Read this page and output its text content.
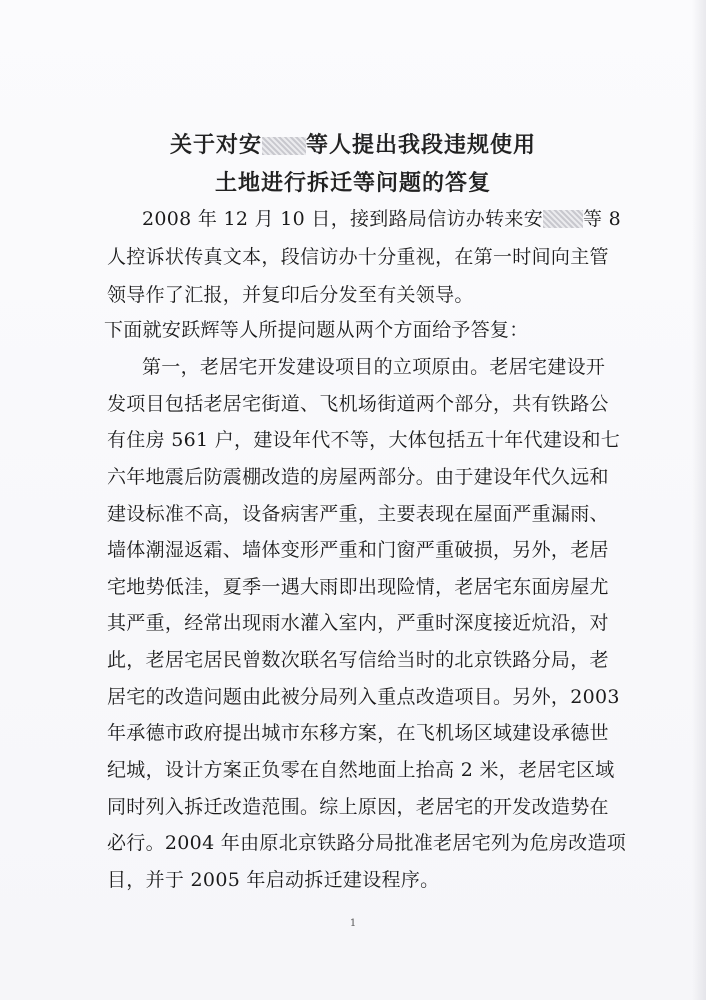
关于对安 等人提出我段违规使用
土地进行拆迁等问题的答复
2008 年 12 月 10 日，接到路局信访办转来安 等 8
人控诉状传真文本，段信访办十分重视，在第一时间向主管
领导作了汇报，并复印后分发至有关领导。
下面就安跃辉等人所提问题从两个方面给予答复：
第一，老居宅开发建设项目的立项原由。老居宅建设开
发项目包括老居宅街道、飞机场街道两个部分，共有铁路公
有住房 561 户，建设年代不等，大体包括五十年代建设和七
六年地震后防震棚改造的房屋两部分。由于建设年代久远和
建设标准不高，设备病害严重，主要表现在屋面严重漏雨、
墙体潮湿返霜、墙体变形严重和门窗严重破损，另外，老居
宅地势低洼，夏季一遇大雨即出现险情，老居宅东面房屋尤
其严重，经常出现雨水灌入室内，严重时深度接近炕沿，对
此，老居宅居民曾数次联名写信给当时的北京铁路分局，老
居宅的改造问题由此被分局列入重点改造项目。另外，2003
年承德市政府提出城市东移方案，在飞机场区域建设承德世
纪城，设计方案正负零在自然地面上抬高 2 米，老居宅区域
同时列入拆迁改造范围。综上原因，老居宅的开发改造势在
必行。2004 年由原北京铁路分局批准老居宅列为危房改造项
目，并于 2005 年启动拆迁建设程序。
1
